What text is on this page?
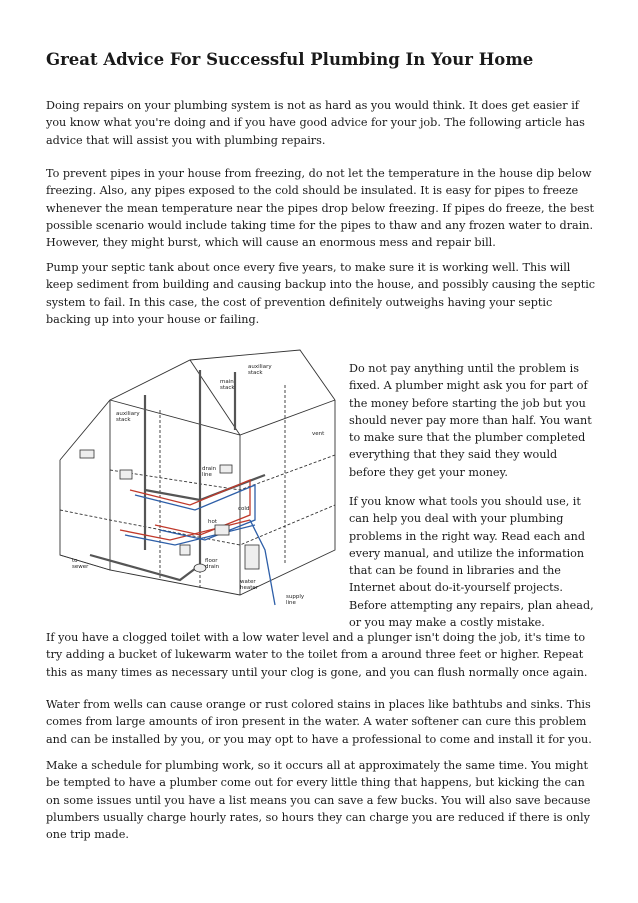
Great Advice For Successful Plumbing In Your Home

Doing repairs on your plumbing system is not as hard as you would think. It does get easier if you know what you're doing and if you have good advice for your job. The following article has advice that will assist you with plumbing repairs.

To prevent pipes in your house from freezing, do not let the temperature in the house dip below freezing. Also, any pipes exposed to the cold should be insulated. It is easy for pipes to freeze whenever the mean temperature near the pipes drop below freezing. If pipes do freeze, the best possible scenario would include taking time for the pipes to thaw and any frozen water to drain. However, they might burst, which will cause an enormous mess and repair bill.

Pump your septic tank about once every five years, to make sure it is working well. This will keep sediment from building and causing backup into the house, and possibly causing the septic system to fail. In this case, the cost of prevention definitely outweighs having your septic backing up into your house or failing.

main stack
auxiliary stack
auxiliary stack
vent
drain line
cold
hot
water heater
floor drain
to sewer
supply line

Do not pay anything until the problem is fixed. A plumber might ask you for part of the money before starting the job but you should never pay more than half. You want to make sure that the plumber completed everything that they said they would before they get your money.

If you know what tools you should use, it can help you deal with your plumbing problems in the right way. Read each and every manual, and utilize the information that can be found in libraries and the Internet about do-it-yourself projects. Before attempting any repairs, plan ahead, or you may make a costly mistake.

If you have a clogged toilet with a low water level and a plunger isn't doing the job, it's time to try adding a bucket of lukewarm water to the toilet from a around three feet or higher. Repeat this as many times as necessary until your clog is gone, and you can flush normally once again.

Water from wells can cause orange or rust colored stains in places like bathtubs and sinks. This comes from large amounts of iron present in the water. A water softener can cure this problem and can be installed by you, or you may opt to have a professional to come and install it for you.

Make a schedule for plumbing work, so it occurs all at approximately the same time. You might be tempted to have a plumber come out for every little thing that happens, but kicking the can on some issues until you have a list means you can save a few bucks. You will also save because plumbers usually charge hourly rates, so hours they can charge you are reduced if there is only one trip made.
